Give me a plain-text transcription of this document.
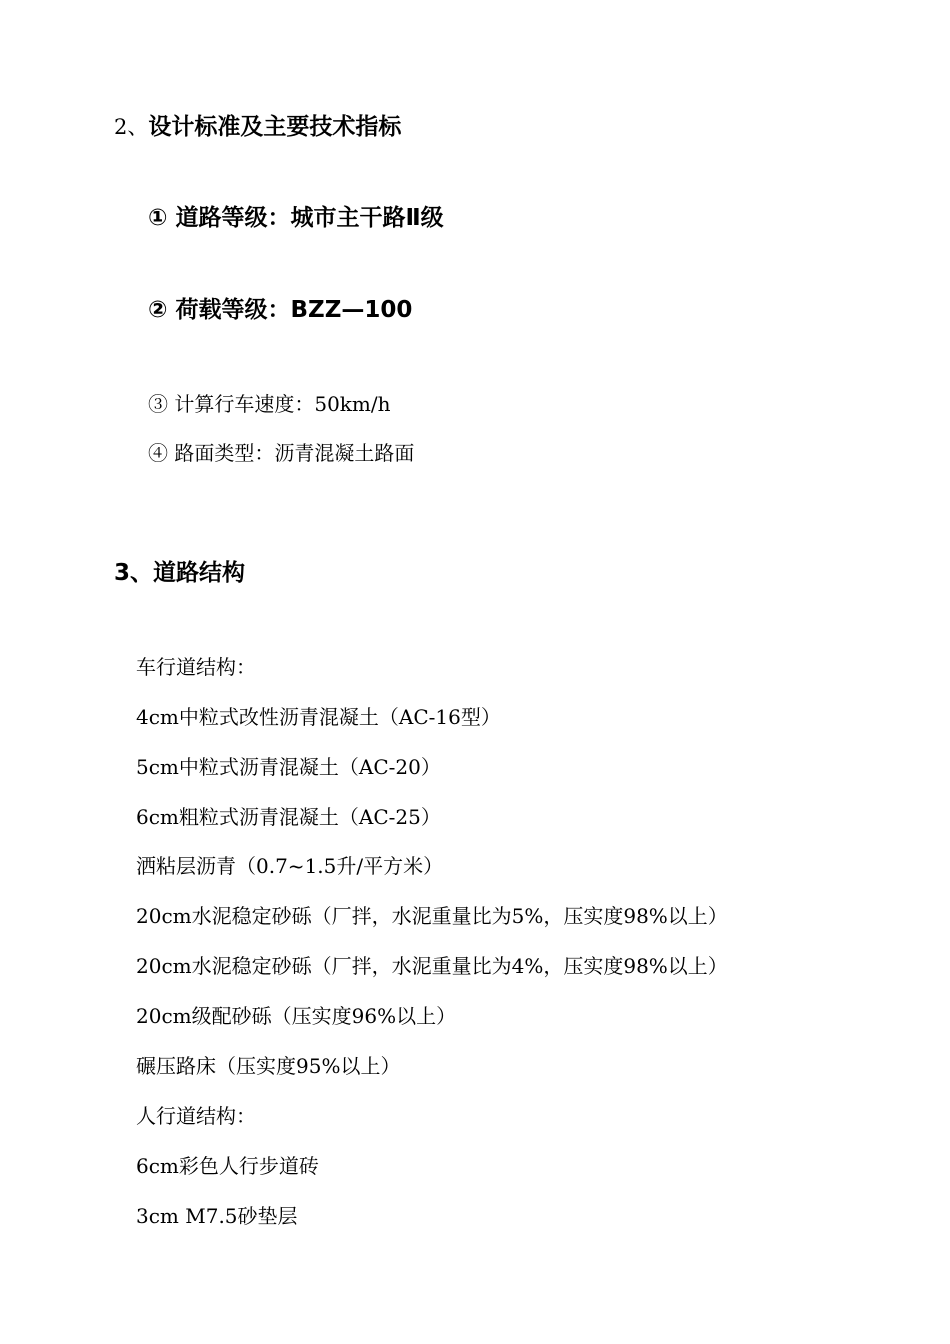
2、设计标准及主要技术指标
① 道路等级：城市主干路Ⅱ级
② 荷载等级：BZZ—100
③ 计算行车速度：50km/h
④ 路面类型：沥青混凝土路面
3、道路结构
车行道结构：
4cm中粒式改性沥青混凝土（AC-16型）
5cm中粒式沥青混凝土（AC-20）
6cm粗粒式沥青混凝土（AC-25）
洒粘层沥青（0.7~1.5升/平方米）
20cm水泥稳定砂砾（厂拌，水泥重量比为5%，压实度98%以上）
20cm水泥稳定砂砾（厂拌，水泥重量比为4%，压实度98%以上）
20cm级配砂砾（压实度96%以上）
碾压路床（压实度95%以上）
人行道结构：
6cm彩色人行步道砖
3cm M7.5砂垫层
